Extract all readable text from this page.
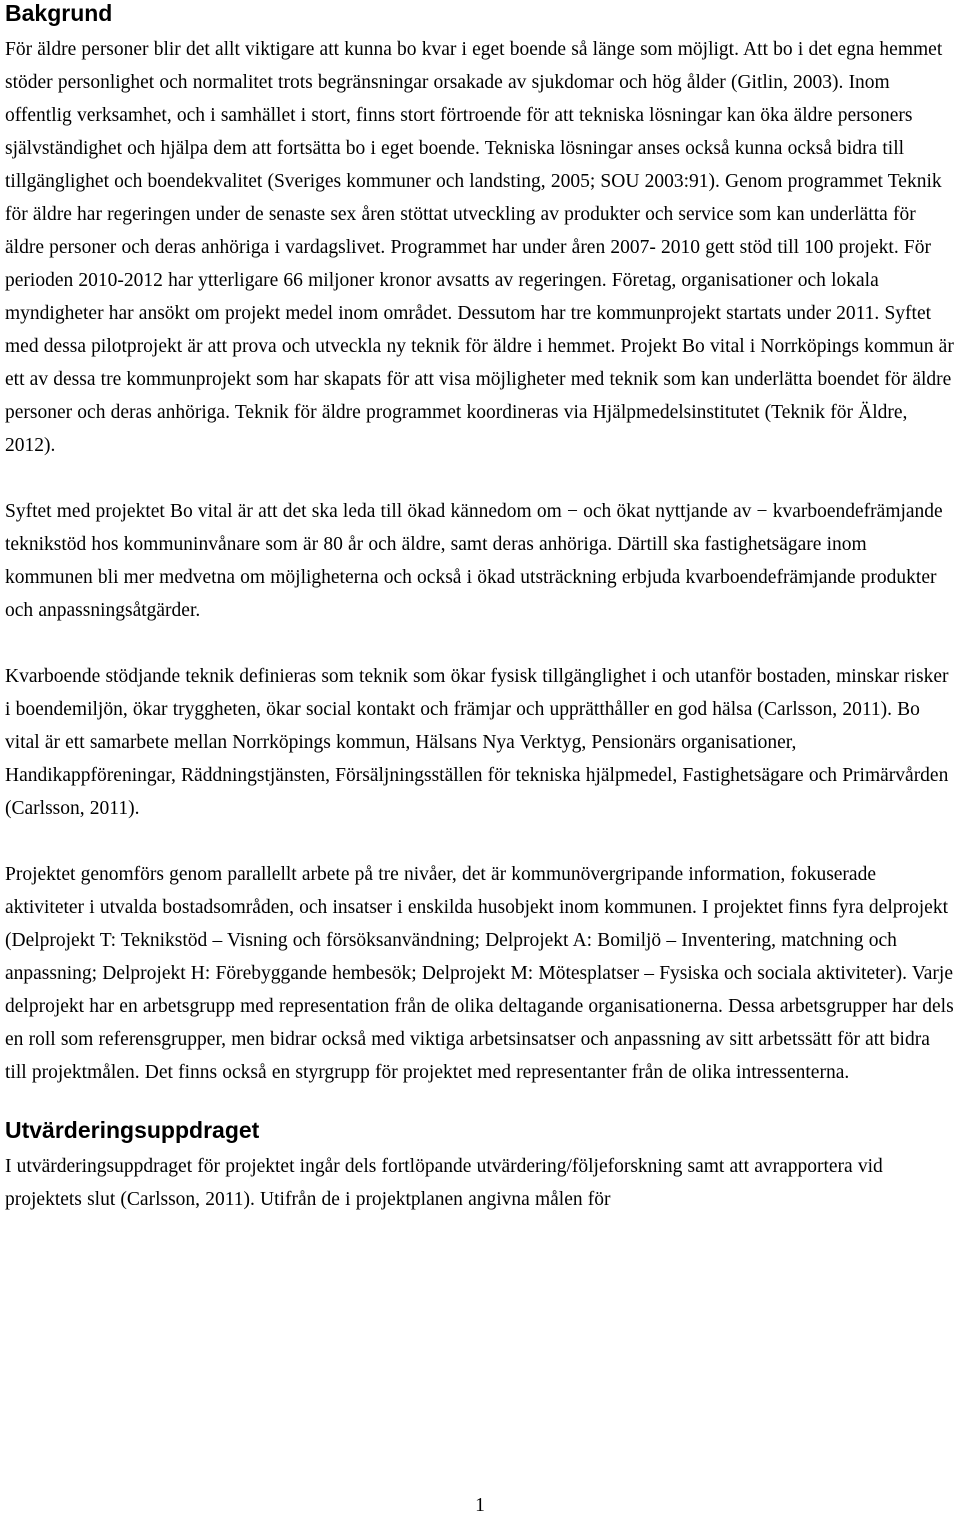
Bakgrund

För äldre personer blir det allt viktigare att kunna bo kvar i eget boende så länge som möjligt. Att bo i det egna hemmet stöder personlighet och normalitet trots begränsningar orsakade av sjukdomar och hög ålder (Gitlin, 2003). Inom offentlig verksamhet, och i samhället i stort, finns stort förtroende för att tekniska lösningar kan öka äldre personers självständighet och hjälpa dem att fortsätta bo i eget boende. Tekniska lösningar anses också kunna också bidra till tillgänglighet och boendekvalitet (Sveriges kommuner och landsting, 2005; SOU 2003:91). Genom programmet Teknik för äldre har regeringen under de senaste sex åren stöttat utveckling av produkter och service som kan underlätta för äldre personer och deras anhöriga i vardagslivet. Programmet har under åren 2007- 2010 gett stöd till 100 projekt. För perioden 2010-2012 har ytterligare 66 miljoner kronor avsatts av regeringen. Företag, organisationer och lokala myndigheter har ansökt om projekt medel inom området. Dessutom har tre kommunprojekt startats under 2011. Syftet med dessa pilotprojekt är att prova och utveckla ny teknik för äldre i hemmet. Projekt Bo vital i Norrköpings kommun är ett av dessa tre kommunprojekt som har skapats för att visa möjligheter med teknik som kan underlätta boendet för äldre personer och deras anhöriga. Teknik för äldre programmet koordineras via Hjälpmedelsinstitutet (Teknik för Äldre, 2012).

Syftet med projektet Bo vital är att det ska leda till ökad kännedom om − och ökat nyttjande av − kvarboendefrämjande teknikstöd hos kommuninvånare som är 80 år och äldre, samt deras anhöriga. Därtill ska fastighetsägare inom kommunen bli mer medvetna om möjligheterna och också i ökad utsträckning erbjuda kvarboendefrämjande produkter och anpassningsåtgärder.

Kvarboende stödjande teknik definieras som teknik som ökar fysisk tillgänglighet i och utanför bostaden, minskar risker i boendemiljön, ökar tryggheten, ökar social kontakt och främjar och upprätthåller en god hälsa (Carlsson, 2011). Bo vital är ett samarbete mellan Norrköpings kommun, Hälsans Nya Verktyg, Pensionärs organisationer, Handikappföreningar, Räddningstjänsten, Försäljningsställen för tekniska hjälpmedel, Fastighetsägare och Primärvården (Carlsson, 2011).

Projektet genomförs genom parallellt arbete på tre nivåer, det är kommunövergripande information, fokuserade aktiviteter i utvalda bostadsområden, och insatser i enskilda husobjekt inom kommunen. I projektet finns fyra delprojekt (Delprojekt T: Teknikstöd – Visning och försöksanvändning; Delprojekt A: Bomiljö – Inventering, matchning och anpassning; Delprojekt H: Förebyggande hembesök; Delprojekt M: Mötesplatser – Fysiska och sociala aktiviteter). Varje delprojekt har en arbetsgrupp med representation från de olika deltagande organisationerna. Dessa arbetsgrupper har dels en roll som referensgrupper, men bidrar också med viktiga arbetsinsatser och anpassning av sitt arbetssätt för att bidra till projektmålen. Det finns också en styrgrupp för projektet med representanter från de olika intressenterna.

Utvärderingsuppdraget

I utvärderingsuppdraget för projektet ingår dels fortlöpande utvärdering/följeforskning samt att avrapportera vid projektets slut (Carlsson, 2011). Utifrån de i projektplanen angivna målen för

1
